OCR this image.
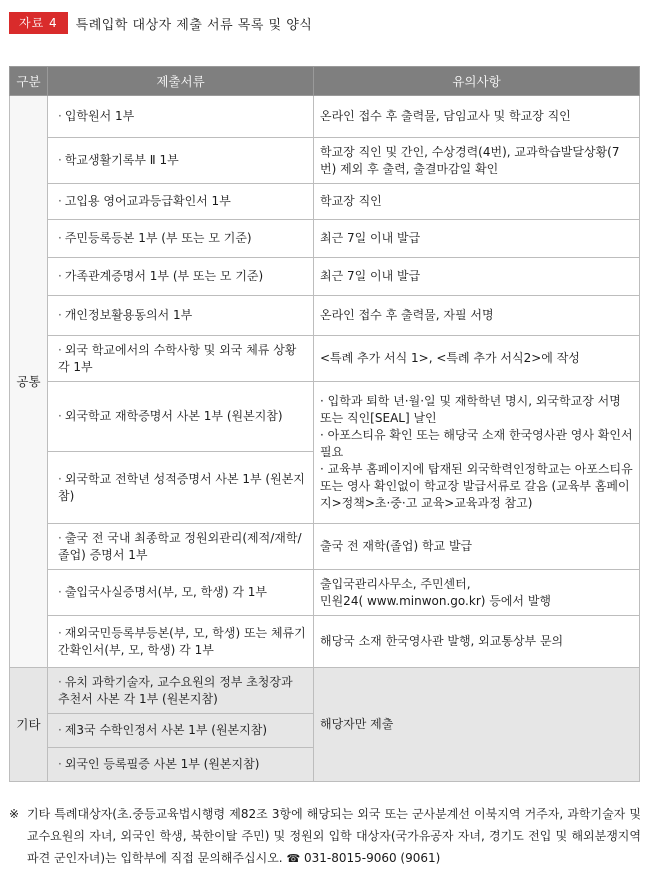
자료 4	특례입학 대상자 제출 서류 목록 및 양식
구분	제출서류	유의사항
공통	· 입학원서 1부	온라인 접수 후 출력물, 담임교사 및 학교장 직인
	· 학교생활기록부 Ⅱ 1부	학교장 직인 및 간인, 수상경력(4번), 교과학습발달상황(7번) 제외 후 출력, 출결마감일 확인
	· 고입용 영어교과등급확인서 1부	학교장 직인
	· 주민등록등본 1부 (부 또는 모 기준)	최근 7일 이내 발급
	· 가족관계증명서 1부 (부 또는 모 기준)	최근 7일 이내 발급
	· 개인정보활용동의서 1부	온라인 접수 후 출력물, 자필 서명
	· 외국 학교에서의 수학사항 및 외국 체류 상황 각 1부	<특례 추가 서식 1>, <특례 추가 서식2>에 작성
	· 외국학교 재학증명서 사본 1부 (원본지참)	· 입학과 퇴학 년·월·일 및 재학학년 명시, 외국학교장 서명 또는 직인[SEAL] 날인
· 아포스티유 확인 또는 해당국 소재 한국영사관 영사 확인서 필요
· 교육부 홈페이지에 탑재된 외국학력인정학교는 아포스티유 또는 영사 확인없이 학교장 발급서류로 갈음 (교육부 홈페이지>정책>초·중·고 교육>교육과정 참고)

	· 외국학교 전학년 성적증명서 사본 1부 (원본지참)	
	· 출국 전 국내 최종학교 정원외관리(제적/재학/졸업) 증명서 1부	출국 전 재학(졸업) 학교 발급
	· 출입국사실증명서(부, 모, 학생) 각 1부	출입국관리사무소, 주민센터,
민원24( www.minwon.go.kr) 등에서 발행

	· 재외국민등록부등본(부, 모, 학생) 또는 체류기간확인서(부, 모, 학생) 각 1부	해당국 소재 한국영사관 발행, 외교통상부 문의
기타	· 유치 과학기술자, 교수요원의 정부 초청장과 추천서 사본 각 1부 (원본지참)	해당자만 제출
	· 제3국 수학인정서 사본 1부 (원본지참)	
	· 외국인 등록필증 사본 1부 (원본지참)	
※ 기타 특례대상자(초.중등교육법시행령 제82조 3항에 해당되는 외국 또는 군사분계선 이북지역 거주자, 과학기술자 및 교수요원의 자녀, 외국인 학생, 북한이탈 주민) 및 정원외 입학 대상자(국가유공자 자녀, 경기도 전입 및 해외분쟁지역 파견 군인자녀)는 입학부에 직접 문의해주십시오. ☎ 031-8015-9060 (9061)
